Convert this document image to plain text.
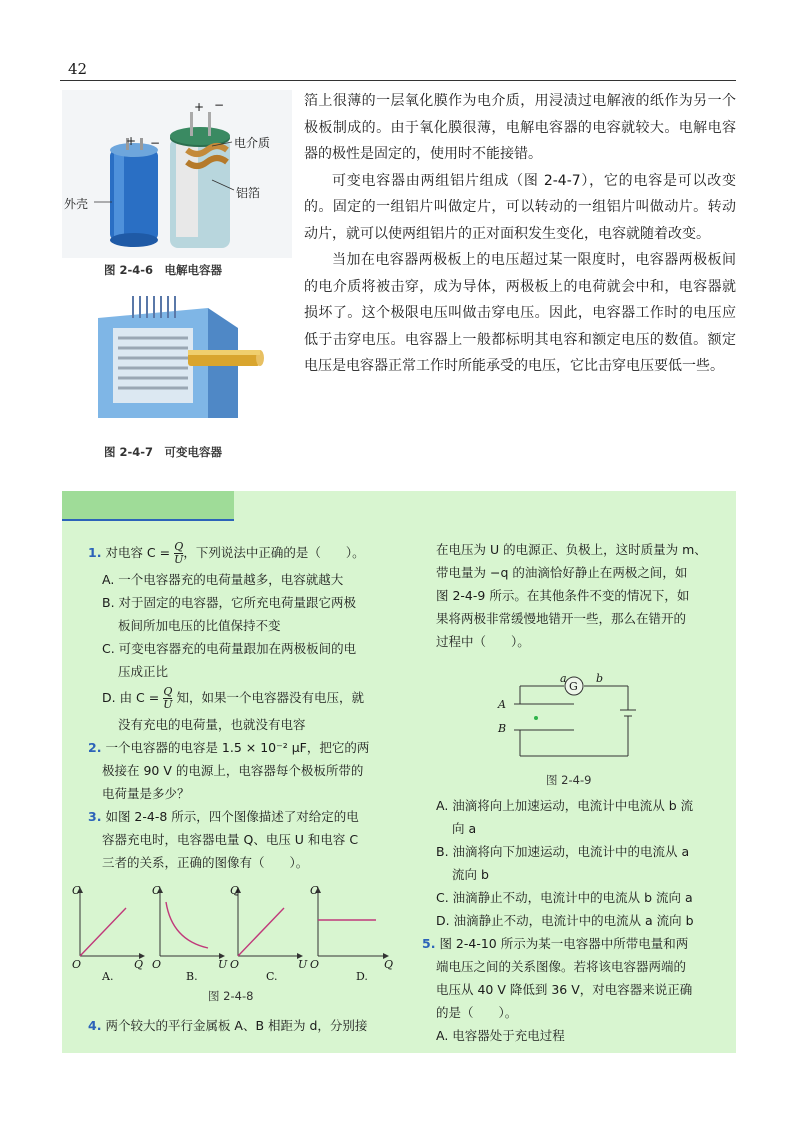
42
+ −
+ −
电介质
铝箔
外壳
图 2-4-6　电解电容器
图 2-4-7　可变电容器

箔上很薄的一层氧化膜作为电介质，用浸渍过电解液的纸作为另一个极板制成的。由于氧化膜很薄，电解电容器的电容就较大。电解电容器的极性是固定的，使用时不能接错。

可变电容器由两组铝片组成（图 2-4-7），它的电容是可以改变的。固定的一组铝片叫做定片，可以转动的一组铝片叫做动片。转动动片，就可以使两组铝片的正对面积发生变化，电容就随着改变。

当加在电容器两极板上的电压超过某一限度时，电容器两极板间的电介质将被击穿，成为导体，两极板上的电荷就会中和，电容器就损坏了。这个极限电压叫做击穿电压。因此，电容器工作时的电压应低于击穿电压。电容器上一般都标明其电容和额定电压的数值。额定电压是电容器正常工作时所能承受的电压，它比击穿电压要低一些。

1. 对电容 $C = \frac{Q}{U}$ ，下列说法中正确的是（　　）。

A. 一个电容器充的电荷量越多，电容就越大

B. 对于固定的电容器，它所充电荷量跟它两极

板间所加电压的比值保持不变

C. 可变电容器充的电荷量跟加在两极板间的电

压成正比

D. 由 $C = \frac{Q}{U}$ 知，如果一个电容器没有电压，就

没有充电的电荷量，也就没有电容

2. 一个电容器的电容是 1.5 × 10⁻² μF，把它的两

极接在 90 V 的电源上，电容器每个极板所带的

电荷量是多少？

3. 如图 2-4-8 所示，四个图像描述了对给定的电

容器充电时，电容器电量 Q、电压 U 和电容 C

三者的关系，正确的图像有（　　）。

C
O	Q
A.
C
O	U
B.
Q
O	U
C.
C
O	Q
D.
图 2-4-8

4. 两个较大的平行金属板 A、B 相距为 d，分别接

在电压为 U 的电源正、负极上，这时质量为 m、

带电量为 −q 的油滴恰好静止在两极之间，如

图 2-4-9 所示。在其他条件不变的情况下，如

果将两极非常缓慢地错开一些，那么在错开的

过程中（　　）。

a	b
G
A
B
图 2-4-9

A. 油滴将向上加速运动，电流计中电流从 b 流

向 a

B. 油滴将向下加速运动，电流计中的电流从 a

流向 b

C. 油滴静止不动，电流计中的电流从 b 流向 a

D. 油滴静止不动，电流计中的电流从 a 流向 b

5. 图 2-4-10 所示为某一电容器中所带电量和两

端电压之间的关系图像。若将该电容器两端的

电压从 40 V 降低到 36 V，对电容器来说正确

的是（　　）。

A. 电容器处于充电过程
